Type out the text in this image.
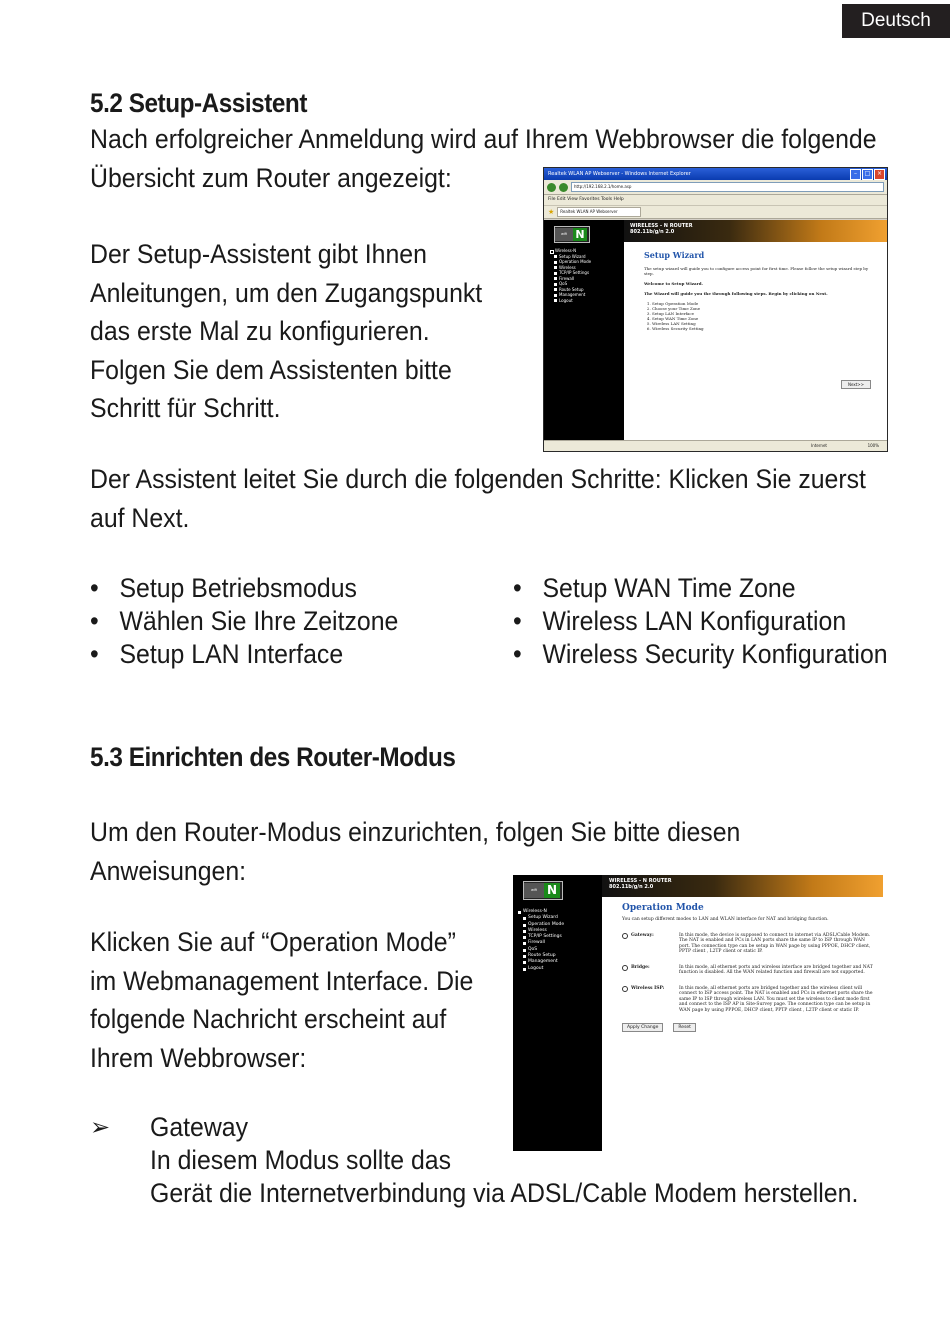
Deutsch
5.2 Setup-Assistent
Nach erfolgreicher Anmeldung wird auf Ihrem Webbrowser die folgende
Übersicht zum Router angezeigt:
Der Setup-Assistent gibt Ihnen
Anleitungen, um den Zugangspunkt
das erste Mal zu konfigurieren.
Folgen Sie dem Assistenten bitte
Schritt für Schritt.
Realtek WLAN AP Webserver - Windows Internet Explorer	–	□	×
http://192.168.2.1/home.asp
File Edit View Favorites Tools Help
★	Realtek WLAN AP Webserver
wifi N
Wireless-N
Setup Wizard
Operation Mode
Wireless
TCP/IP Settings
Firewall
QoS
Route Setup
Management
Logout
WIRELESS - N ROUTER
802.11b/g/n 2.0
Setup Wizard
The setup wizard will guide you to configure access point for first time. Please follow the setup wizard step by step.
Welcome to Setup Wizard.
The Wizard will guide you the through following steps. Begin by clicking on Next.
1. Setup Operation Mode
2. Choose your Time Zone
3. Setup LAN Interface
4. Setup WAN Time Zone
5. Wireless LAN Setting
6. Wireless Security Setting
Next>>
Internet	100%
Der Assistent leitet Sie durch die folgenden Schritte: Klicken Sie zuerst
auf Next.
• Setup Betriebsmodus
• Wählen Sie Ihre Zeitzone
• Setup LAN Interface
• Setup WAN Time Zone
• Wireless LAN Konfiguration
• Wireless Security Konfiguration
5.3 Einrichten des Router-Modus
Um den Router-Modus einzurichten, folgen Sie bitte diesen
Anweisungen:
Klicken Sie auf “Operation Mode”
im Webmanagement Interface. Die
folgende Nachricht erscheint auf
Ihrem Webbrowser:
wifi N
Wireless-N
Setup Wizard
Operation Mode
Wireless
TCP/IP Settings
Firewall
QoS
Route Setup
Management
Logout
WIRELESS - N ROUTER
802.11b/g/n 2.0
Operation Mode
You can setup different modes to LAN and WLAN interface for NAT and bridging function.
Gateway:	In this mode, the device is supposed to connect to internet via ADSL/Cable Modem. The NAT is enabled and PCs in LAN ports share the same IP to ISP through WAN port. The connection type can be setup in WAN page by using PPPOE, DHCP client, PPTP client , L2TP client or static IP.
Bridge:	In this mode, all ethernet ports and wireless interface are bridged together and NAT function is disabled. All the WAN related function and firewall are not supported.
Wireless ISP:	In this mode, all ethernet ports are bridged together and the wireless client will connect to ISP access point. The NAT is enabled and PCs in ethernet ports share the same IP to ISP through wireless LAN. You must set the wireless to client mode first and connect to the ISP AP in Site-Survey page. The connection type can be setup in WAN page by using PPPOE, DHCP client, PPTP client , L2TP client or static IP.
Apply Change	Reset
➢ Gateway
In diesem Modus sollte das
Gerät die Internetverbindung via ADSL/Cable Modem herstellen.
